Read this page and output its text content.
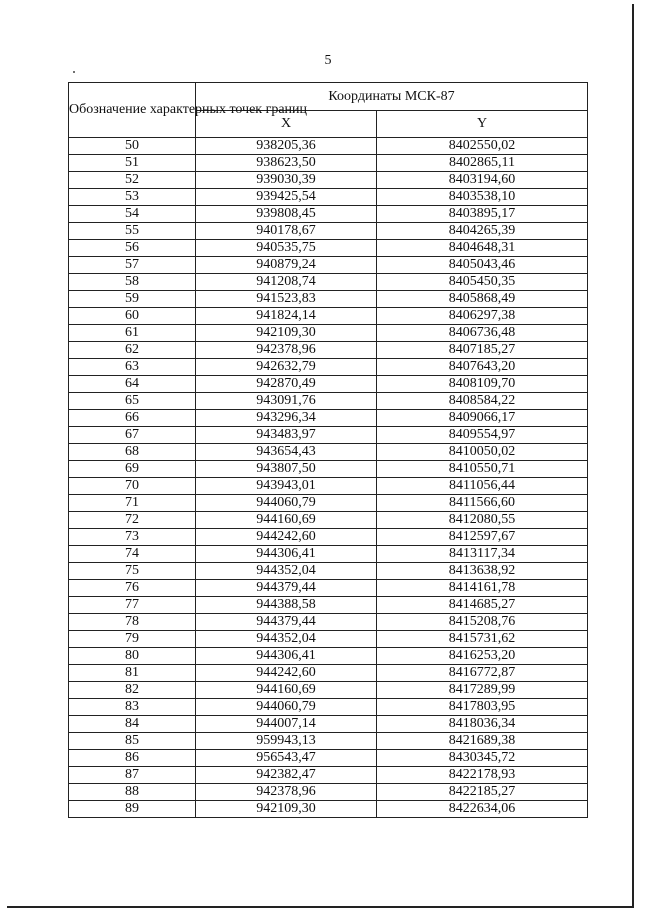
5
Обозначение характерных точек границ	Координаты МСК-87	
	X	Y
50	938205,36	8402550,02
51	938623,50	8402865,11
52	939030,39	8403194,60
53	939425,54	8403538,10
54	939808,45	8403895,17
55	940178,67	8404265,39
56	940535,75	8404648,31
57	940879,24	8405043,46
58	941208,74	8405450,35
59	941523,83	8405868,49
60	941824,14	8406297,38
61	942109,30	8406736,48
62	942378,96	8407185,27
63	942632,79	8407643,20
64	942870,49	8408109,70
65	943091,76	8408584,22
66	943296,34	8409066,17
67	943483,97	8409554,97
68	943654,43	8410050,02
69	943807,50	8410550,71
70	943943,01	8411056,44
71	944060,79	8411566,60
72	944160,69	8412080,55
73	944242,60	8412597,67
74	944306,41	8413117,34
75	944352,04	8413638,92
76	944379,44	8414161,78
77	944388,58	8414685,27
78	944379,44	8415208,76
79	944352,04	8415731,62
80	944306,41	8416253,20
81	944242,60	8416772,87
82	944160,69	8417289,99
83	944060,79	8417803,95
84	944007,14	8418036,34
85	959943,13	8421689,38
86	956543,47	8430345,72
87	942382,47	8422178,93
88	942378,96	8422185,27
89	942109,30	8422634,06
